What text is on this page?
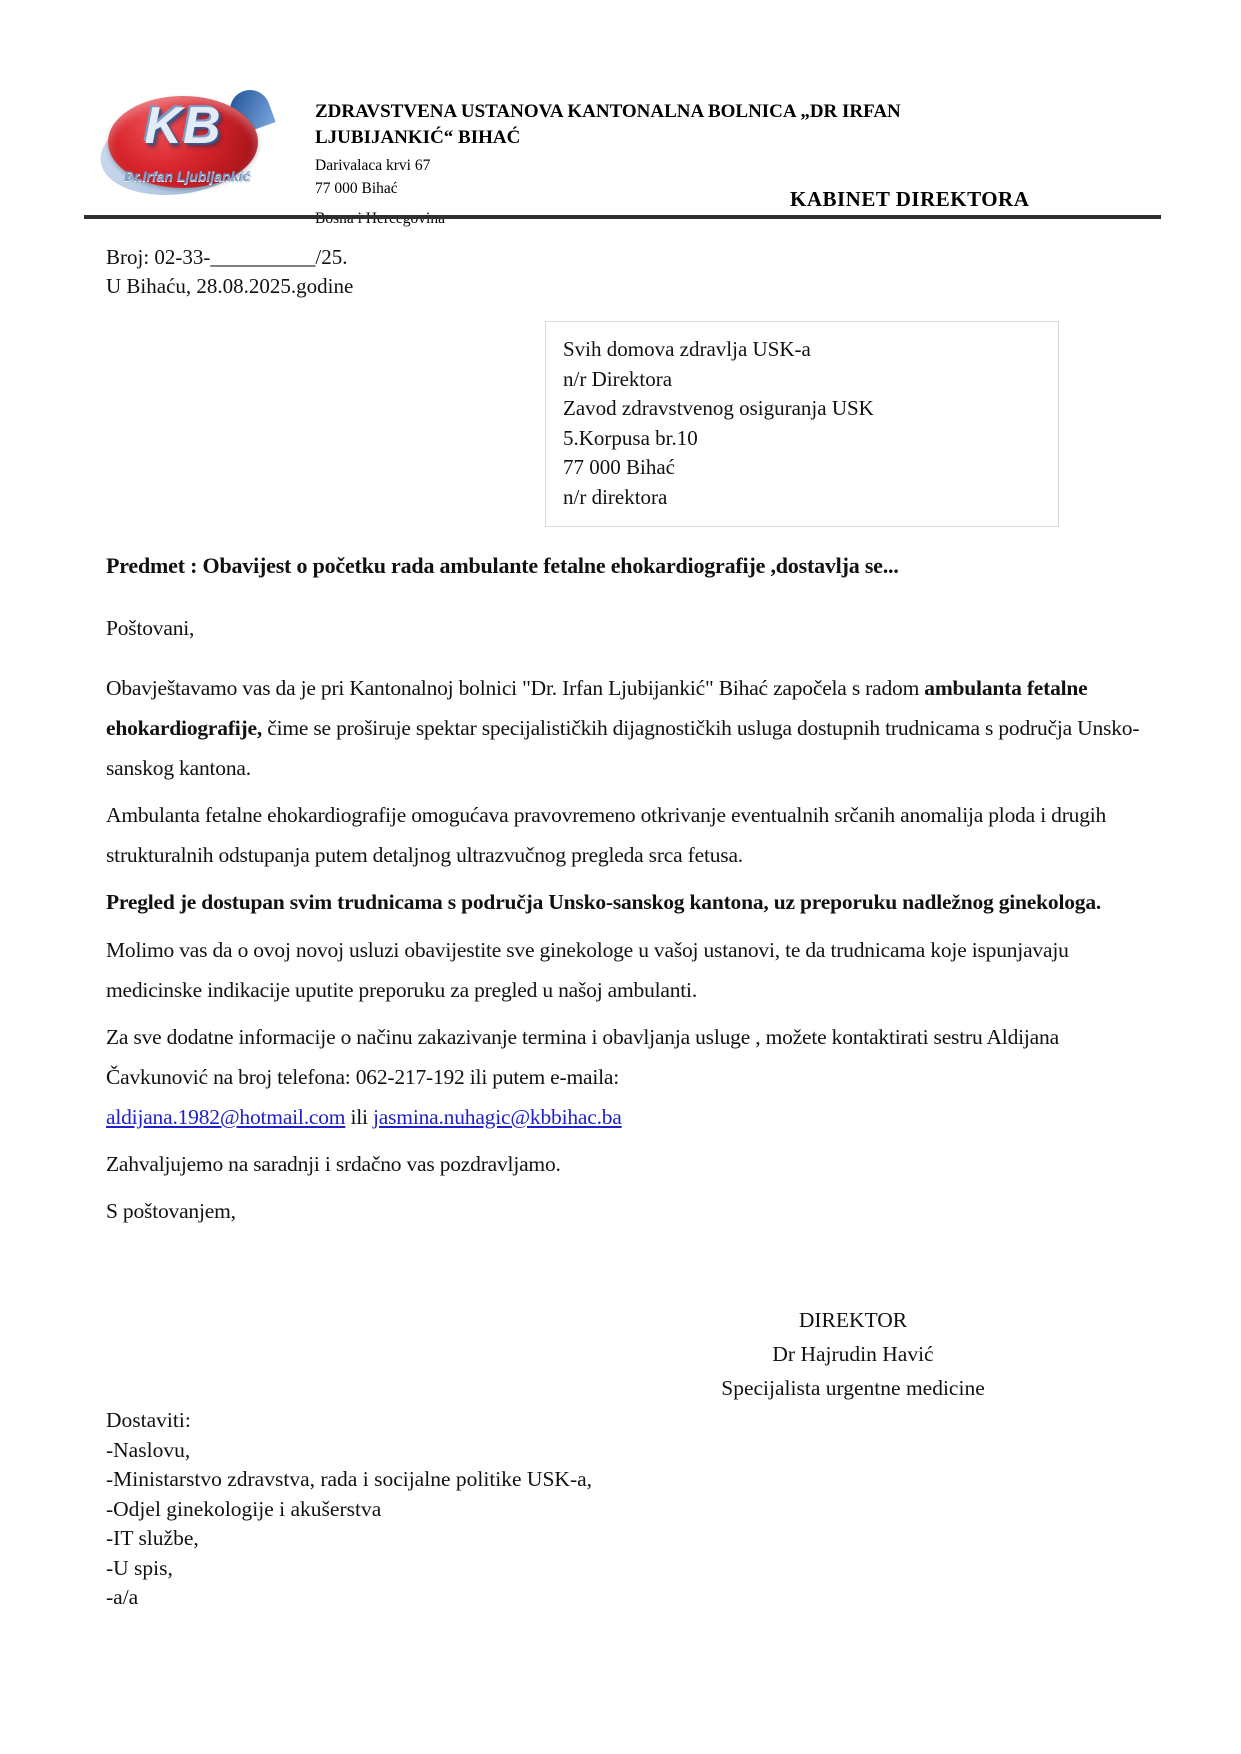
KB
Dr.Irfan Ljubijankić
ZDRAVSTVENA USTANOVA KANTONALNA BOLNICA „DR IRFAN LJUBIJANKIĆ“ BIHAĆ
Darivalaca krvi 67
77 000 Bihać
Bosna i Hercegovina
KABINET DIREKTORA
Broj: 02-33-__________/25.
U Bihaću, 28.08.2025.godine
Svih domova zdravlja USK-a
n/r Direktora
Zavod zdravstvenog osiguranja USK
5.Korpusa br.10
77 000 Bihać
n/r direktora
Predmet : Obavijest o početku rada ambulante fetalne ehokardiografije ,dostavlja se...
Poštovani,

Obavještavamo vas da je pri Kantonalnoj bolnici "Dr. Irfan Ljubijankić" Bihać započela s radom ambulanta fetalne ehokardiografije, čime se proširuje spektar specijalističkih dijagnostičkih usluga dostupnih trudnicama s područja Unsko-sanskog kantona.

Ambulanta fetalne ehokardiografije omogućava pravovremeno otkrivanje eventualnih srčanih anomalija ploda i drugih strukturalnih odstupanja putem detaljnog ultrazvučnog pregleda srca fetusa.

Pregled je dostupan svim trudnicama s područja Unsko-sanskog kantona, uz preporuku nadležnog ginekologa.

Molimo vas da o ovoj novoj usluzi obavijestite sve ginekologe u vašoj ustanovi, te da trudnicama koje ispunjavaju medicinske indikacije uputite preporuku za pregled u našoj ambulanti.

Za sve dodatne informacije o načinu zakazivanje termina i obavljanja usluge , možete kontaktirati sestru Aldijana Čavkunović na broj telefona: 062-217-192 ili putem e-maila:
aldijana.1982@hotmail.com ili jasmina.nuhagic@kbbihac.ba

Zahvaljujemo na saradnji i srdačno vas pozdravljamo.

S poštovanjem,

DIREKTOR
Dr Hajrudin Havić
Specijalista urgentne medicine
Dostaviti:
-Naslovu,
-Ministarstvo zdravstva, rada i socijalne politike USK-a,
-Odjel ginekologije i akušerstva
-IT službe,
-U spis,
-a/a
